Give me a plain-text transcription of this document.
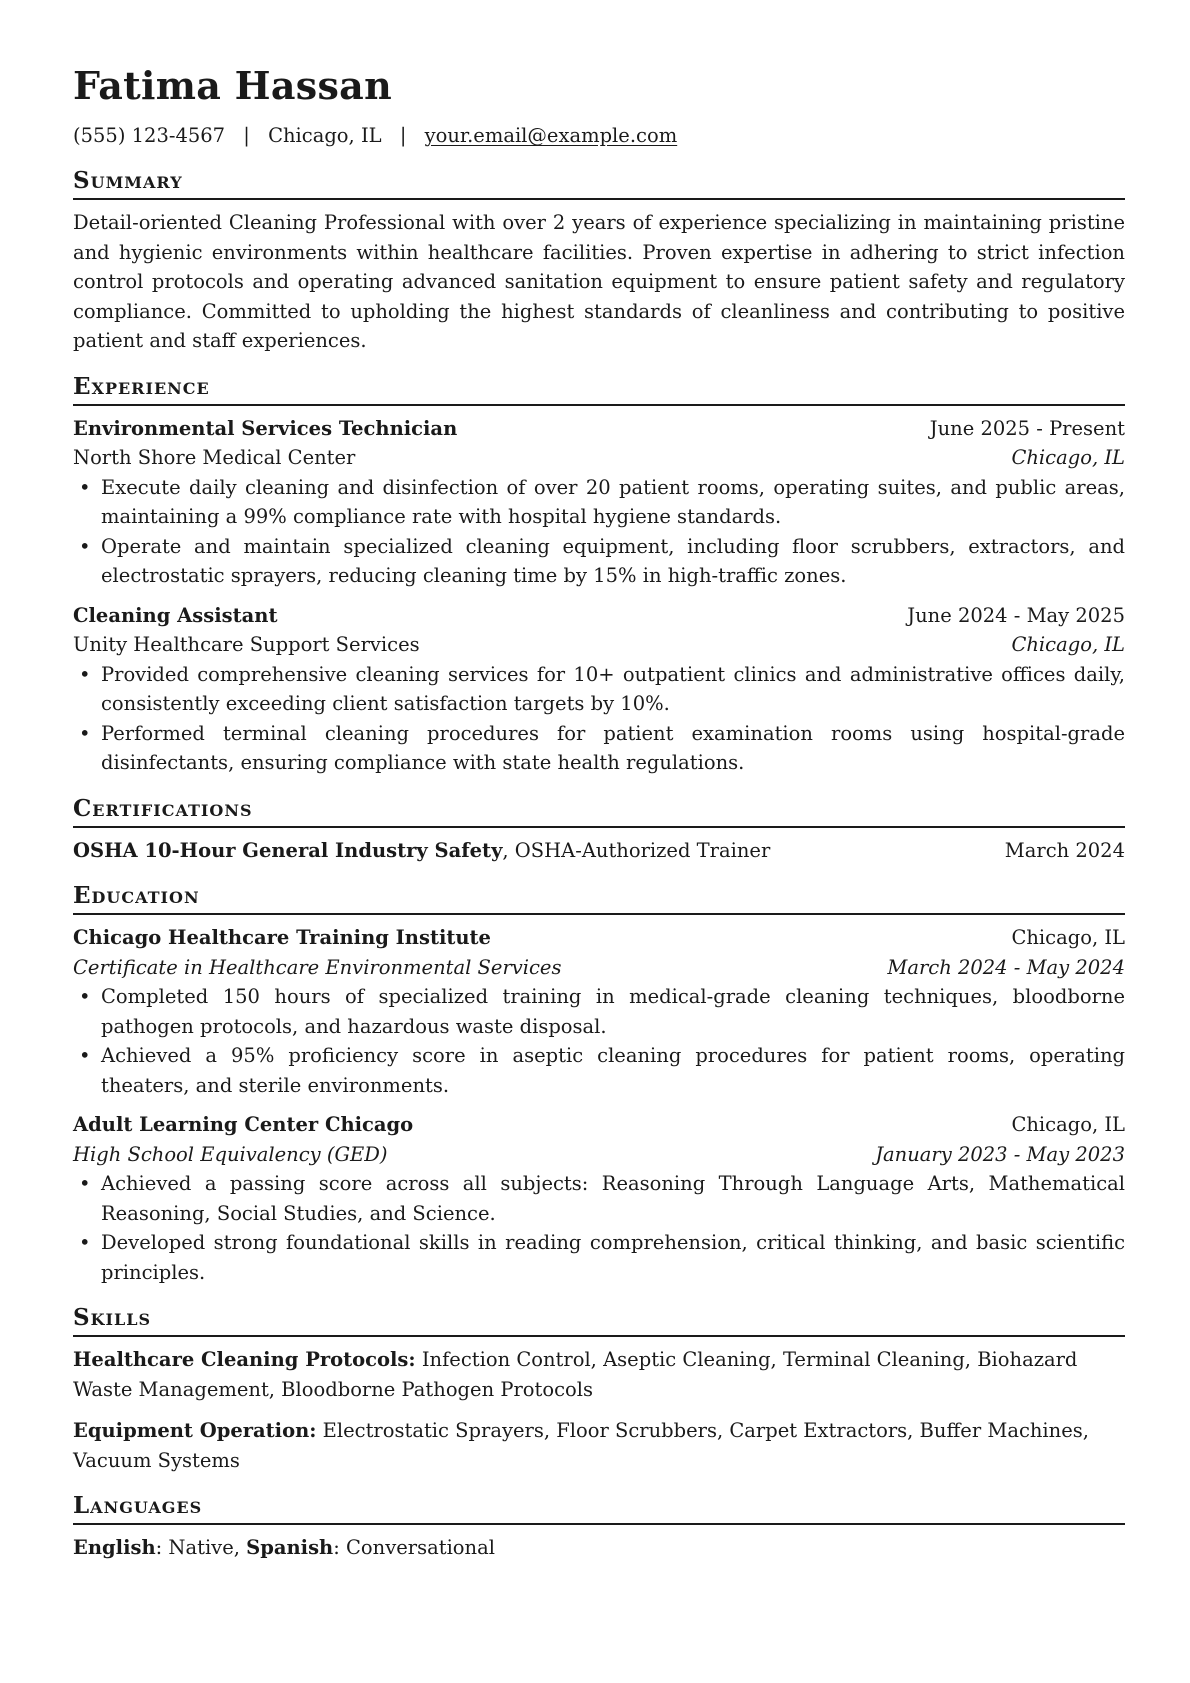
Fatima Hassan
(555) 123-4567 | Chicago, IL | your.email@example.com
Summary

Detail-oriented Cleaning Professional with over 2 years of experience specializing in maintaining pristine and hygienic environments within healthcare facilities. Proven expertise in adhering to strict infection control protocols and operating advanced sanitation equipment to ensure patient safety and regulatory compliance. Committed to upholding the highest standards of cleanliness and contributing to positive patient and staff experiences.

Experience
Environmental Services Technician	June 2025 - Present
North Shore Medical Center	Chicago, IL
• Execute daily cleaning and disinfection of over 20 patient rooms, operating suites, and public areas, maintaining a 99% compliance rate with hospital hygiene standards.
• Operate and maintain specialized cleaning equipment, including floor scrubbers, extractors, and electrostatic sprayers, reducing cleaning time by 15% in high-traffic zones.
Cleaning Assistant	June 2024 - May 2025
Unity Healthcare Support Services	Chicago, IL
• Provided comprehensive cleaning services for 10+ outpatient clinics and administrative offices daily, consistently exceeding client satisfaction targets by 10%.
• Performed terminal cleaning procedures for patient examination rooms using hospital-grade disinfectants, ensuring compliance with state health regulations.
Certifications
OSHA 10-Hour General Industry Safety, OSHA-Authorized Trainer	March 2024
Education
Chicago Healthcare Training Institute	Chicago, IL
Certificate in Healthcare Environmental Services	March 2024 - May 2024
• Completed 150 hours of specialized training in medical-grade cleaning techniques, bloodborne pathogen protocols, and hazardous waste disposal.
• Achieved a 95% proficiency score in aseptic cleaning procedures for patient rooms, operating theaters, and sterile environments.
Adult Learning Center Chicago	Chicago, IL
High School Equivalency (GED)	January 2023 - May 2023
• Achieved a passing score across all subjects: Reasoning Through Language Arts, Mathematical Reasoning, Social Studies, and Science.
• Developed strong foundational skills in reading comprehension, critical thinking, and basic scientific principles.
Skills

Healthcare Cleaning Protocols: Infection Control, Aseptic Cleaning, Terminal Cleaning, Biohazard Waste Management, Bloodborne Pathogen Protocols

Equipment Operation: Electrostatic Sprayers, Floor Scrubbers, Carpet Extractors, Buffer Machines, Vacuum Systems

Languages

English: Native, Spanish: Conversational
